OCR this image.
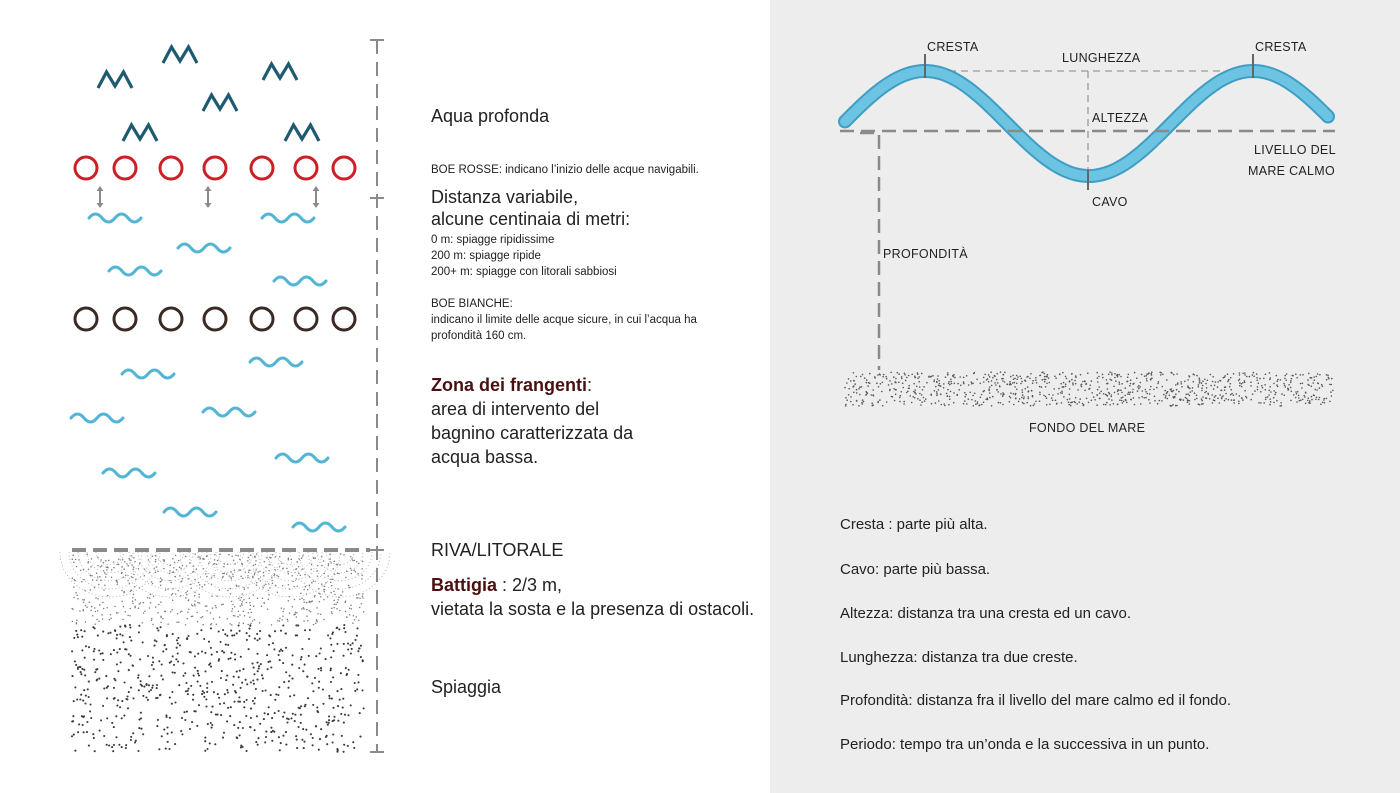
Aqua profonda
BOE ROSSE: indicano l’inizio delle acque navigabili.
Distanza variabile,
alcune centinaia di metri:
0 m: spiagge ripidissime
200 m: spiagge ripide
200+ m: spiagge con litorali sabbiosi
BOE BIANCHE:
indicano il limite delle acque sicure, in cui l’acqua ha
profondità 160 cm.
Zona dei frangenti:
area di intervento del
bagnino caratterizzata da
acqua bassa.
RIVA/LITORALE
Battigia : 2/3 m,
vietata la sosta e la presenza di ostacoli.
Spiaggia
CRESTA	CRESTA
LUNGHEZZA
ALTEZZA
CAVO
LIVELLO DEL
MARE CALMO
PROFONDITÀ
FONDO DEL MARE
Cresta : parte più alta.
Cavo: parte più bassa.
Altezza: distanza tra una cresta ed un cavo.
Lunghezza: distanza tra due creste.
Profondità: distanza fra il livello del mare calmo ed il fondo.
Periodo: tempo tra un’onda e la successiva in un punto.
